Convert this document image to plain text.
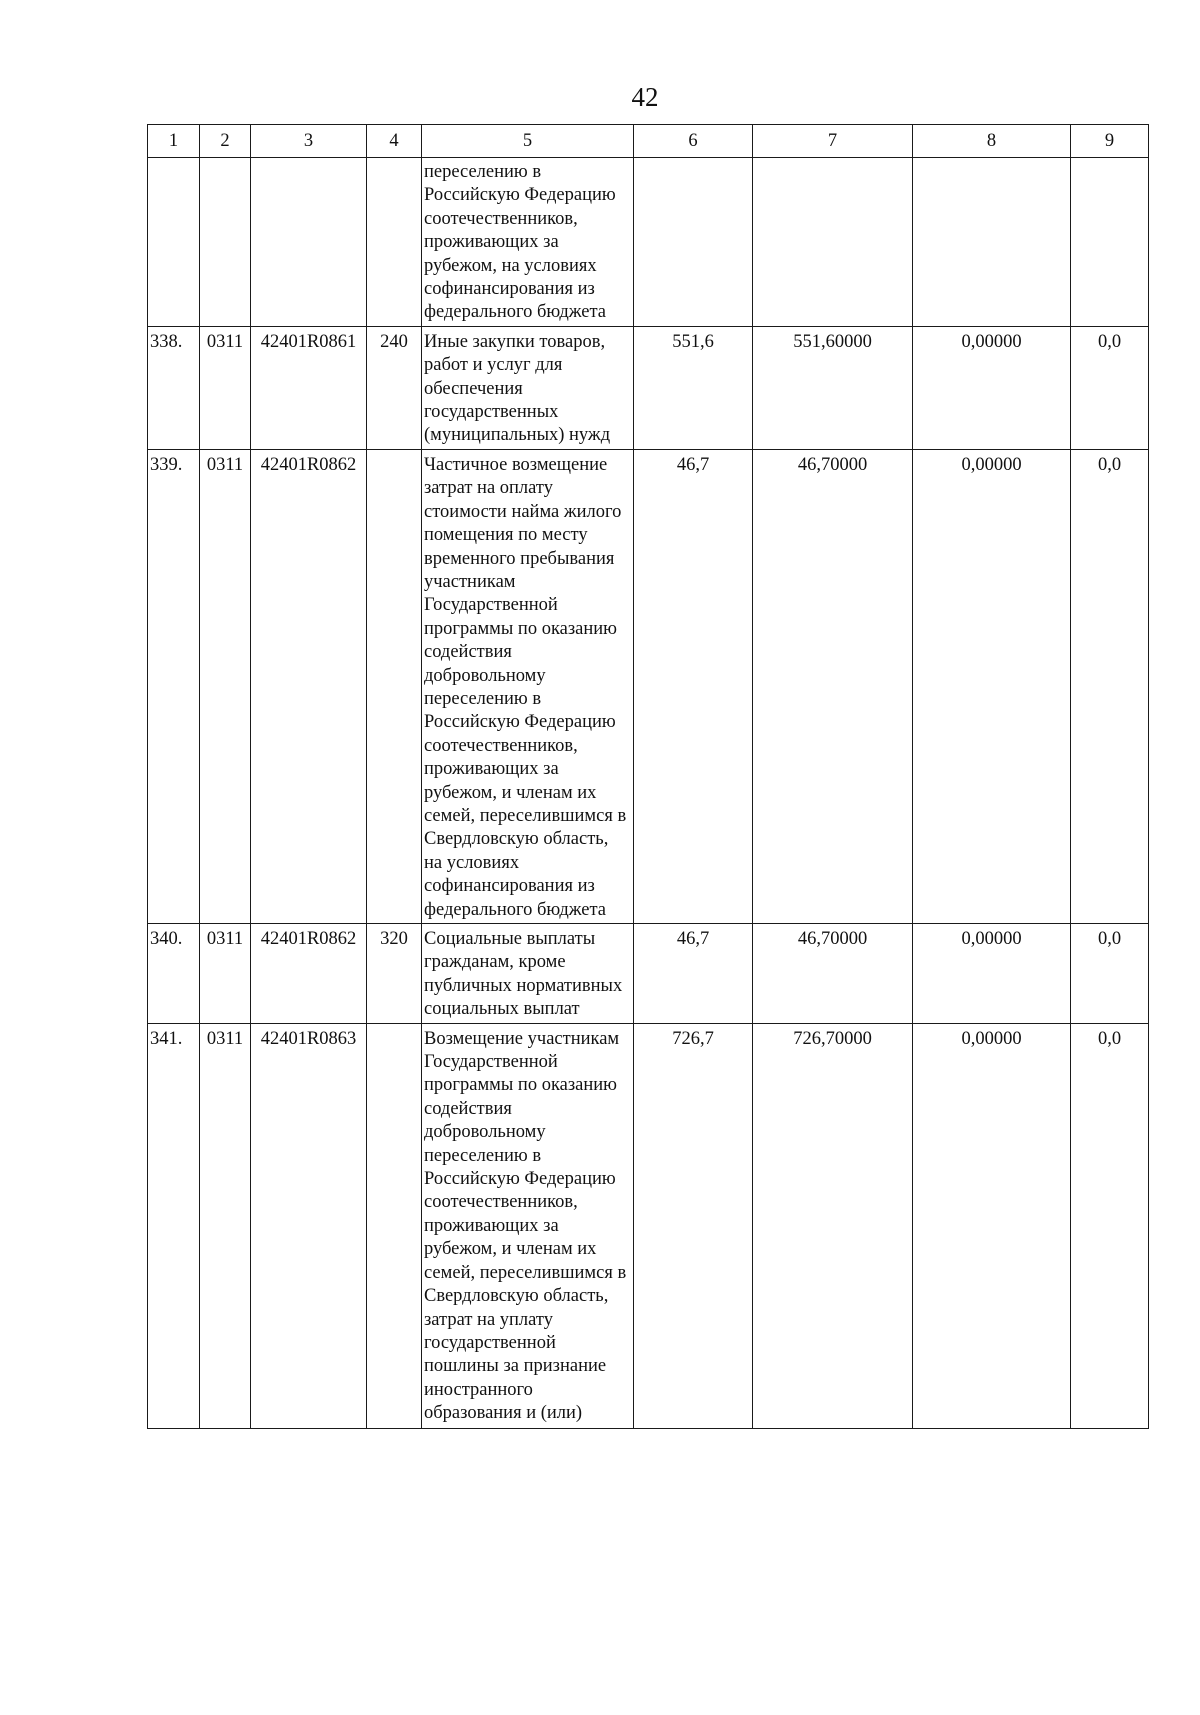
42
1	2	3	4	5	6	7	8	9
				переселению в Российскую Федерацию соотечественников, проживающих за рубежом, на условиях софинансирования из федерального бюджета				
338.	0311	42401R0861	240	Иные закупки товаров, работ и услуг для обеспечения государственных (муниципальных) нужд	551,6	551,60000	0,00000	0,0
339.	0311	42401R0862		Частичное возмещение затрат на оплату стоимости найма жилого помещения по месту временного пребывания участникам Государственной программы по оказанию содействия добровольному переселению в Российскую Федерацию соотечественников, проживающих за рубежом, и членам их семей, переселившимся в Свердловскую область, на условиях софинансирования из федерального бюджета	46,7	46,70000	0,00000	0,0
340.	0311	42401R0862	320	Социальные выплаты гражданам, кроме публичных нормативных социальных выплат	46,7	46,70000	0,00000	0,0
341.	0311	42401R0863		Возмещение участникам Государственной программы по оказанию содействия добровольному переселению в Российскую Федерацию соотечественников, проживающих за рубежом, и членам их семей, переселившимся в Свердловскую область, затрат на уплату государственной пошлины за признание иностранного образования и (или)	726,7	726,70000	0,00000	0,0
